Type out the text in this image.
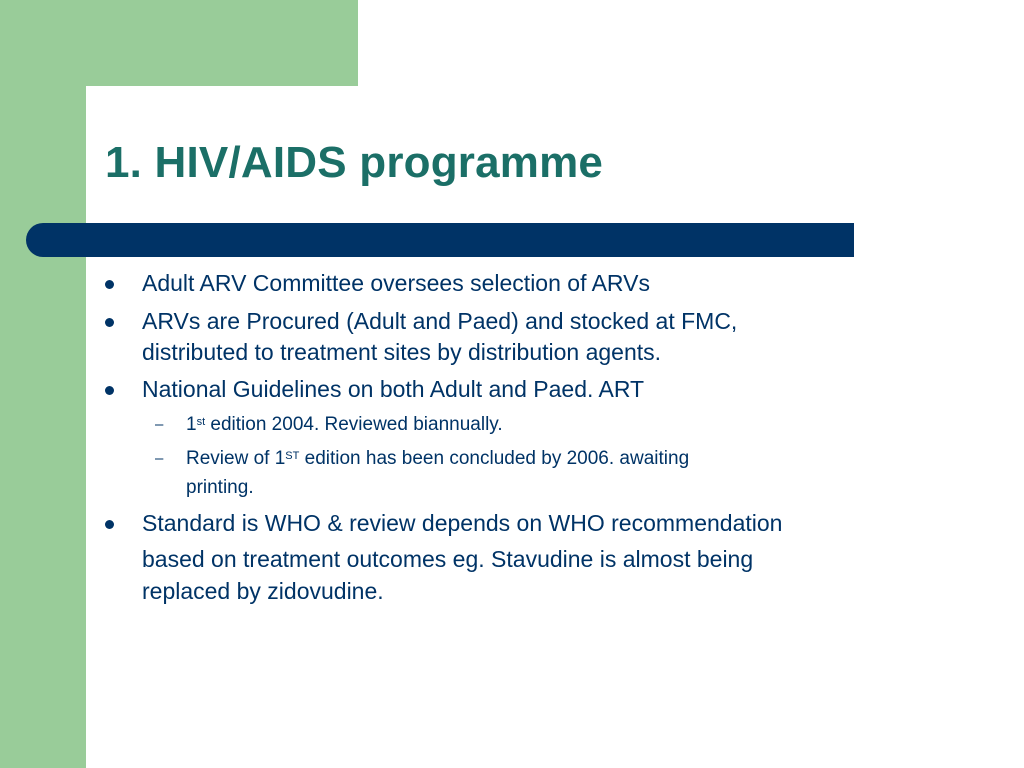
1. HIV/AIDS programme
Adult ARV Committee oversees selection of ARVs
ARVs are Procured (Adult and Paed) and stocked at FMC,
distributed to treatment sites by distribution agents.
National Guidelines on both Adult and Paed. ART
– 1st edition 2004. Reviewed biannually.
– Review of 1ST edition has been concluded by 2006. awaiting
printing.
Standard is WHO & review depends on WHO recommendation
based on treatment outcomes eg. Stavudine is almost being
replaced by zidovudine.
